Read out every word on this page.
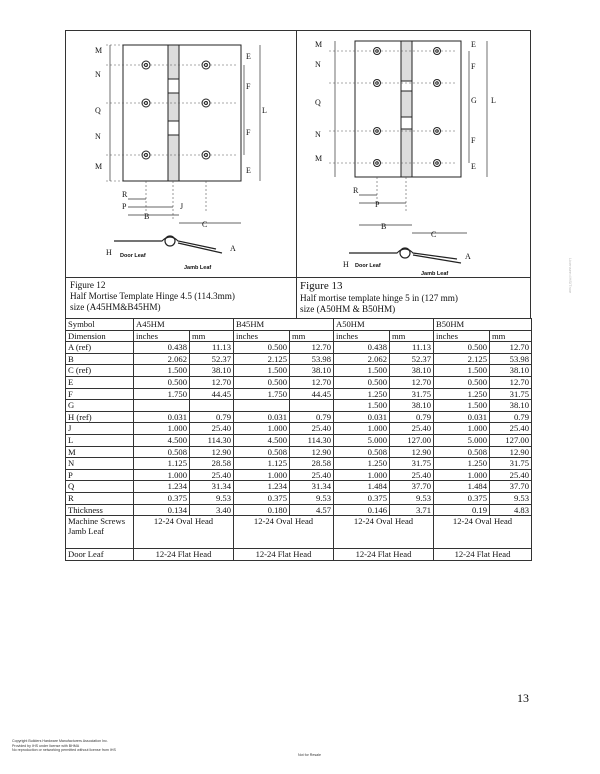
M
N
Q
N
M
E
F
L
F
E
R
P
B
J
C
H	A
Door Leaf
Jamb Leaf
M
N
Q
N
M
E
F
G L
F
E
R
P
B
C
H
A
Door Leaf
Jamb Leaf
Figure 12
Half Mortise Template Hinge 4.5 (114.3mm)
size (A45HM&B45HM)
Figure 13
Half mortise template hinge 5 in (127 mm)
size (A50HM & B50HM)
Symbol	A45HM		B45HM		A50HM		B50HM	
Dimension	inches	mm	inches	mm	inches	mm	inches	mm
A (ref)	0.438	11.13	0.500	12.70	0.438	11.13	0.500	12.70
B	2.062	52.37	2.125	53.98	2.062	52.37	2.125	53.98
C (ref)	1.500	38.10	1.500	38.10	1.500	38.10	1.500	38.10
E	0.500	12.70	0.500	12.70	0.500	12.70	0.500	12.70
F	1.750	44.45	1.750	44.45	1.250	31.75	1.250	31.75
G					1.500	38.10	1.500	38.10
H (ref)	0.031	0.79	0.031	0.79	0.031	0.79	0.031	0.79
J	1.000	25.40	1.000	25.40	1.000	25.40	1.000	25.40
L	4.500	114.30	4.500	114.30	5.000	127.00	5.000	127.00
M	0.508	12.90	0.508	12.90	0.508	12.90	0.508	12.90
N	1.125	28.58	1.125	28.58	1.250	31.75	1.250	31.75
P	1.000	25.40	1.000	25.40	1.000	25.40	1.000	25.40
Q	1.234	31.34	1.234	31.34	1.484	37.70	1.484	37.70
R	0.375	9.53	0.375	9.53	0.375	9.53	0.375	9.53
Thickness	0.134	3.40	0.180	4.57	0.146	3.71	0.19	4.83
Machine Screws Jamb Leaf	12-24 Oval Head		12-24 Oval Head		12-24 Oval Head		12-24 Oval Head	
Door Leaf	12-24 Flat Head		12-24 Flat Head		12-24 Flat Head		12-24 Flat Head	
13
Copyright Builders Hardware Manufacturers Association Inc.
Provided by IHS under license with BHMA
No reproduction or networking permitted without license from IHS
Not for Resale
Licensee=IHS/Tnoe
